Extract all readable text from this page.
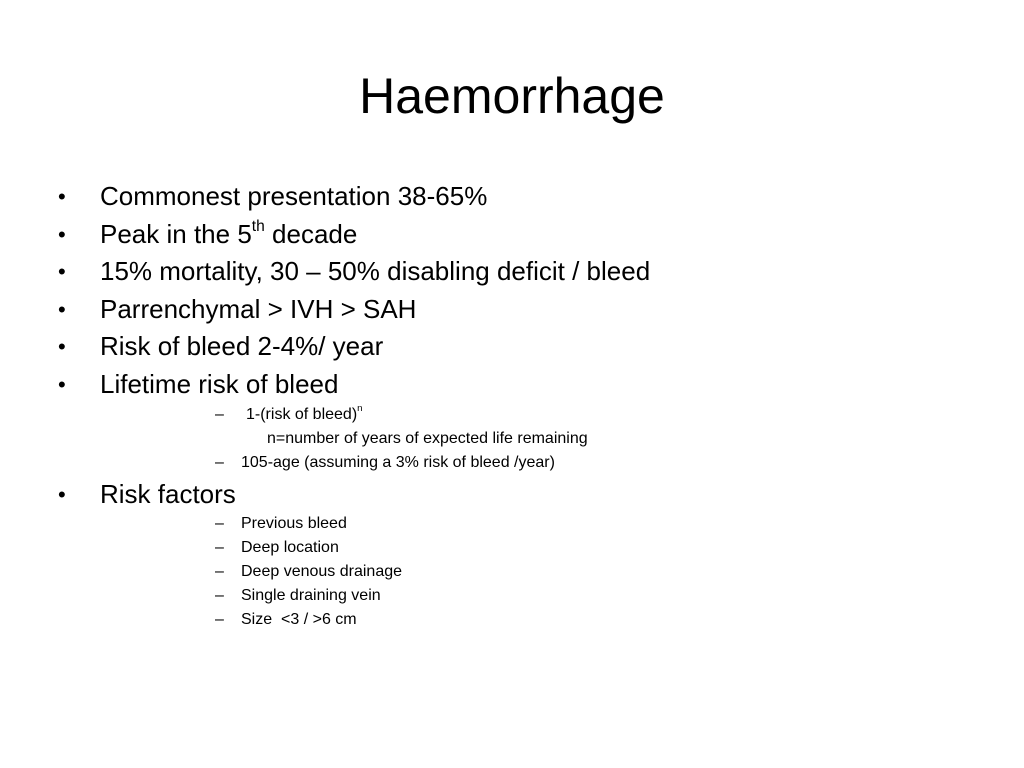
Haemorrhage
•	Commonest presentation 38-65%
•	Peak in the 5th decade
•	15% mortality, 30 – 50% disabling deficit / bleed
•	Parrenchymal > IVH > SAH
•	Risk of bleed 2-4%/ year
•	Lifetime risk of bleed
– 1-(risk of bleed)$^n$
n=number of years of expected life remaining
– 105-age (assuming a 3% risk of bleed /year)
•	Risk factors
– Previous bleed
– Deep location
– Deep venous drainage
– Single draining vein
– Size  <3 / >6 cm
